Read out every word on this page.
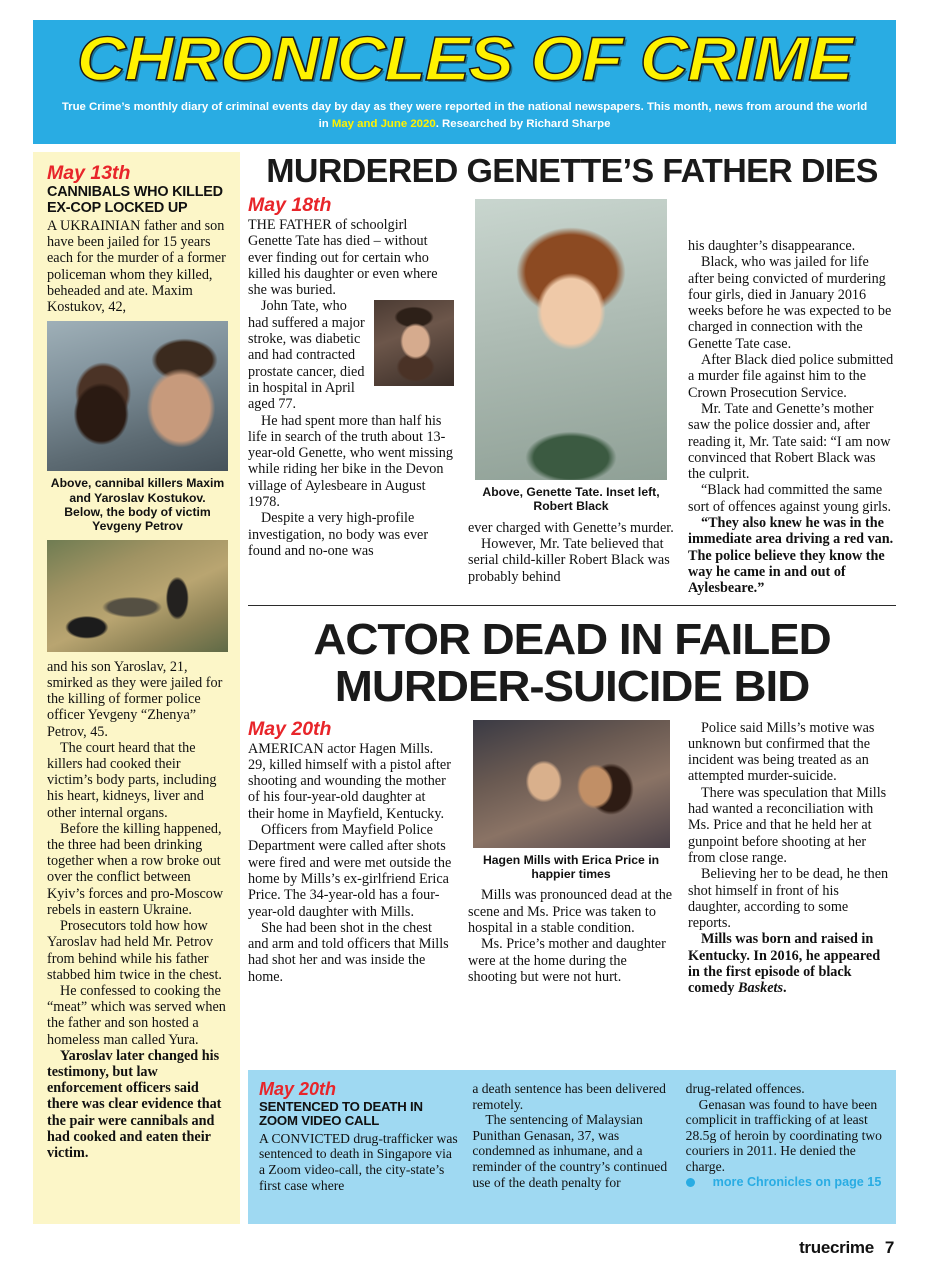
CHRONICLES OF CRIME
True Crime’s monthly diary of criminal events day by day as they were reported in the national newspapers. This month, news from around the world in May and June 2020. Researched by Richard Sharpe
May 13th
CANNIBALS WHO KILLED EX-COP LOCKED UP

A UKRAINIAN father and son have been jailed for 15 years each for the murder of a former policeman whom they killed, beheaded and ate. Maxim Kostukov, 42,

Above, cannibal killers Maxim and Yaroslav Kostukov. Below, the body of victim Yevgeny Petrov

and his son Yaroslav, 21, smirked as they were jailed for the killing of former police officer Yevgeny “Zhenya” Petrov, 45.

The court heard that the killers had cooked their victim’s body parts, including his heart, kidneys, liver and other internal organs.

Before the killing happened, the three had been drinking together when a row broke out over the conflict between Kyiv’s forces and pro-Moscow rebels in eastern Ukraine.

Prosecutors told how how Yaroslav had held Mr. Petrov from behind while his father stabbed him twice in the chest.

He confessed to cooking the “meat” which was served when the father and son hosted a homeless man called Yura.

Yaroslav later changed his testimony, but law enforcement officers said there was clear evidence that the pair were cannibals and had cooked and eaten their victim.

MURDERED GENETTE’S FATHER DIES
May 18th

THE FATHER of schoolgirl Genette Tate has died – without ever finding out for certain who killed his daughter or even where she was buried.

John Tate, who had suffered a major stroke, was diabetic and had contracted prostate cancer, died in hospital in April aged 77.

He had spent more than half his life in search of the truth about 13-year-old Genette, who went missing while riding her bike in the Devon village of Aylesbeare in August 1978.

Despite a very high-profile investigation, no body was ever found and no-one was

Above, Genette Tate. Inset left, Robert Black

ever charged with Genette’s murder.

However, Mr. Tate believed that serial child-killer Robert Black was probably behind

his daughter’s disappearance.

Black, who was jailed for life after being convicted of murdering four girls, died in January 2016 weeks before he was expected to be charged in connection with the Genette Tate case.

After Black died police submitted a murder file against him to the Crown Prosecution Service.

Mr. Tate and Genette’s mother saw the police dossier and, after reading it, Mr. Tate said: “I am now convinced that Robert Black was the culprit.

“Black had committed the same sort of offences against young girls.

“They also knew he was in the immediate area driving a red van. The police believe they know the way he came in and out of Aylesbeare.”

ACTOR DEAD IN FAILED
MURDER-SUICIDE BID
May 20th

AMERICAN actor Hagen Mills. 29, killed himself with a pistol after shooting and wounding the mother of his four-year-old daughter at their home in Mayfield, Kentucky.

Officers from Mayfield Police Department were called after shots were fired and were met outside the home by Mills’s ex-girlfriend Erica Price. The 34-year-old has a four-year-old daughter with Mills.

She had been shot in the chest and arm and told officers that Mills had shot her and was inside the home.

Hagen Mills with Erica Price in happier times

Mills was pronounced dead at the scene and Ms. Price was taken to hospital in a stable condition.

Ms. Price’s mother and daughter were at the home during the shooting but were not hurt.

Police said Mills’s motive was unknown but confirmed that the incident was being treated as an attempted murder-suicide.

There was speculation that Mills had wanted a reconciliation with Ms. Price and that he held her at gunpoint before shooting at her from close range.

Believing her to be dead, he then shot himself in front of his daughter, according to some reports.

Mills was born and raised in Kentucky. In 2016, he appeared in the first episode of black comedy Baskets.

May 20th
SENTENCED TO DEATH IN ZOOM VIDEO CALL

A CONVICTED drug-trafficker was sentenced to death in Singapore via a Zoom video-call, the city-state’s first case where

a death sentence has been delivered remotely.

The sentencing of Malaysian Punithan Genasan, 37, was condemned as inhumane, and a reminder of the country’s continued use of the death penalty for

drug-related offences.

Genasan was found to have been complicit in trafficking of at least 28.5g of heroin by coordinating two couriers in 2011. He denied the charge.

more Chronicles on page 15

truecrime 7
